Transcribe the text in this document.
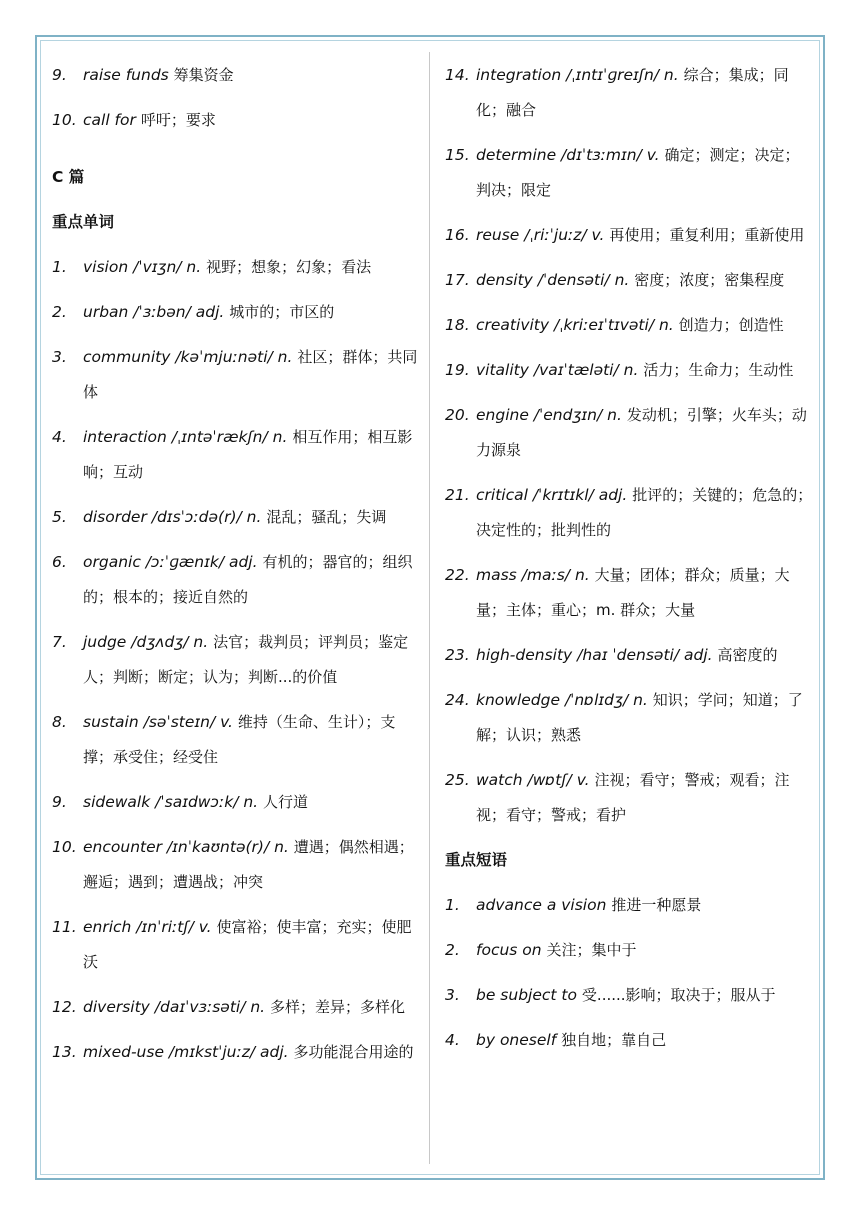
9. raise funds 筹集资金
10. call for 呼吁；要求
C 篇
重点单词
1. vision /ˈvɪʒn/ n. 视野；想象；幻象；看法
2. urban /ˈɜːbən/ adj. 城市的；市区的
3. community /kəˈmjuːnəti/ n. 社区；群体；共同体
4. interaction /ˌɪntəˈrækʃn/ n. 相互作用；相互影响；互动
5. disorder /dɪsˈɔːdə(r)/ n. 混乱；骚乱；失调
6. organic /ɔːˈɡænɪk/ adj. 有机的；器官的；组织的；根本的；接近自然的
7. judge /dʒʌdʒ/ n. 法官；裁判员；评判员；鉴定人；判断；断定；认为；判断...的价值
8. sustain /səˈsteɪn/ v. 维持（生命、生计）；支撑；承受住；经受住
9. sidewalk /ˈsaɪdwɔːk/ n. 人行道
10. encounter /ɪnˈkaʊntə(r)/ n. 遭遇；偶然相遇；邂逅；遇到；遭遇战；冲突
11. enrich /ɪnˈriːtʃ/ v. 使富裕；使丰富；充实；使肥沃
12. diversity /daɪˈvɜːsəti/ n. 多样；差异；多样化
13. mixed-use /mɪkstˈjuːz/ adj. 多功能混合用途的
14. integration /ˌɪntɪˈɡreɪʃn/ n. 综合；集成；同化；融合
15. determine /dɪˈtɜːmɪn/ v. 确定；测定；决定；判决；限定
16. reuse /ˌriːˈjuːz/ v. 再使用；重复利用；重新使用
17. density /ˈdensəti/ n. 密度；浓度；密集程度
18. creativity /ˌkriːeɪˈtɪvəti/ n. 创造力；创造性
19. vitality /vaɪˈtæləti/ n. 活力；生命力；生动性
20. engine /ˈendʒɪn/ n. 发动机；引擎；火车头；动力源泉
21. critical /ˈkrɪtɪkl/ adj. 批评的；关键的；危急的；决定性的；批判性的
22. mass /maːs/ n. 大量；团体；群众；质量；大量；主体；重心；m. 群众；大量
23. high-density /haɪ ˈdensəti/ adj. 高密度的
24. knowledge /ˈnɒlɪdʒ/ n. 知识；学问；知道；了解；认识；熟悉
25. watch /wɒtʃ/ v. 注视；看守；警戒；观看；注视；看守；警戒；看护
重点短语
1. advance a vision 推进一种愿景
2. focus on 关注；集中于
3. be subject to 受......影响；取决于；服从于
4. by oneself 独自地；靠自己
